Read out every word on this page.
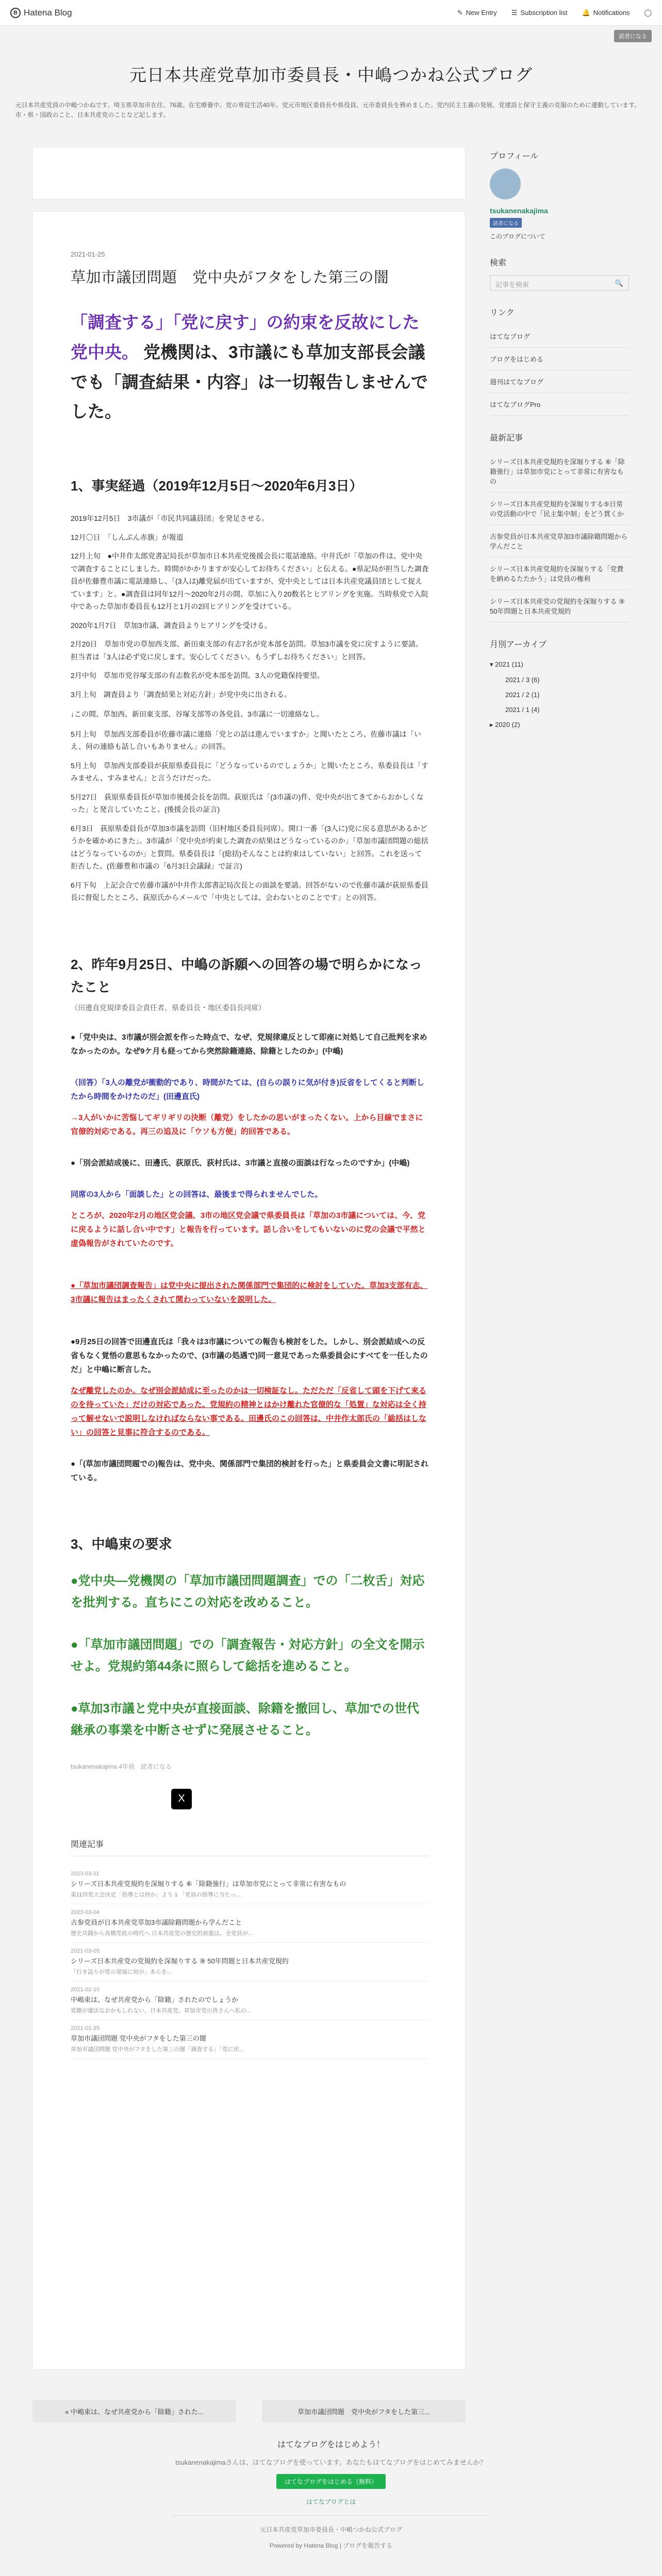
B Hatena Blog	✎ New Entry ☰ Subscription list 🔔 Notifications ◯
読者になる
元日本共産党草加市委員長・中嶋つかね公式ブログ
元日本共産党員の中嶋つかねです。埼玉県草加市在住、76歳。在宅療養中。党の専従生活40年。党元市地区委員長や県役員、元市委員長を務めました。党内民主主義の発展、党建設と保守主義の克服のために運動しています。市・県・国政のこと、日本共産党のことなど記します。
2021-01-25
草加市議団問題　党中央がフタをした第三の闇
「調査する」「党に戻す」の約束を反故にした党中央。 党機関は、3市議にも草加支部長会議でも「調査結果・内容」は一切報告しませんでした。
1、事実経過（2019年12月5日〜2020年6月3日）

2019年12月5日　3市議が「市民共同議員団」を発足させる。

12月〇日　「しんぶん赤旗」が報道

12月上旬　●中井作太郎党書記局長が草加市日本共産党後援会長に電話連絡。中井氏が「草加の件は、党中央で調査することにしました。時間がかかりますが安心してお待ちください」と伝える。●県記局が担当した調査員が佐藤豊市議に電話連絡し、「(3人は)離党届が出ていますが、党中央としては日本共産党議員団として捉えています」と。●調査員は同年12月〜2020年2月の間、草加に入り20数名とヒアリングを実施。当時県党で入院中であった草加市委員長も12月と1月の2回ヒアリングを受けている。

2020年1月7日　草加3市議、調査員よりヒアリングを受ける。

2月20日　草加市党の草加西支部、新田東支部の有志7名が党本部を訪問。草加3市議を党に戻すように要請。担当者は「3人は必ず党に戻します。安心してください。もうずしお待ちください」と回答。

2月中旬　草加市党谷塚支部の有志数名が党本部を訪問。3人の党籍保持要望。

3月上旬　調査員より「調査結果と対応方針」が党中央に出される。

↓この間、草加西、新田東支部、谷塚支部等の各党員、3市議に一切連絡なし。

5月上旬　草加西支部委員が佐藤市議に連絡「党との話は進んでいますか」と聞いたところ、佐藤市議は「いえ、何の連絡も話し合いもありません」の回答。

5月上旬　草加西支部委員が荻原県委員長に「どうなっているのでしょうか」と聞いたところ、県委員長は「すみません、すみません」と言うだけだった。

5月27日　荻原県委員長が草加市後援会長を訪問。荻原氏は「(3市議の)件、党中央が出てきてからおかしくなった」と発言していたこと。(後援会長の証言)

6月3日　荻原県委員長が草加3市議を訪問（旧村地区委員長同席）。開口一番「(3人に)党に戻る意思があるかどうかを確かめにきた」。3市議が「党中央が約束した調査の結果はどうなっているのか」「草加市議団問題の総括はどうなっているのか」と質問。県委員長は「(総括)そんなことは約束はしていない」と回答。これを送って拒否した。(佐藤豊和市議の「6月3日会議録」で証言)

6月下旬　上記会合で佐藤市議が中井作太郎書記局次長との面談を要請。回答がないので佐藤市議が荻原県委員長に督促したところ、荻原氏からメールで「中央としては、会わないとのことです」との回答。

2、昨年9月25日、中嶋の訴願への回答の場で明らかになったこと
（田邊直党規律委員会責任者、県委員長・地区委員長同席）
●「党中央は、3市議が別会派を作った時点で、なぜ、党規律違反として即座に対処して自己批判を求めなかったのか。なぜ9ケ月も経ってから突然除籍連絡、除籍としたのか」(中嶋)
（回答）「3人の離党が衝動的であり、時間がたては、(自らの誤りに気が付き)反省をしてくると判断したから時間をかけたのだ」(田邊直氏)
→3人がいかに苦悩してギリギリの決断（離党）をしたかの思いがまったくない。上から目線でまさに官僚的対応である。再三の追及に「ウソも方便」的回答である。
●「別会派結成後に、田邊氏、荻原氏、荻村氏は、3市議と直接の面談は行なったのですか」(中嶋)
同席の3人から「面談した」との回答は、最後まで得られませんでした。
ところが、2020年2月の地区党会議、3市の地区党会議で県委員長は「草加の3市議については、今、党に戻るように話し合い中です」と報告を行っています。話し合いをしてもいないのに党の会議で平然と虚偽報告がされていたのです。
●「草加市議団調査報告」は党中央に提出された関係部門で集団的に検討をしていた。草加3支部有志、3市議に報告はまったくされて関わっていないを説明した。
●9月25日の回答で田邊直氏は「我々は3市議についての報告も検討をした。しかし、別会派結成への反省もなく覚悟の意思もなかったので、(3市議の処遇で)同一意見であった県委員会にすべてを一任したのだ」と中嶋に断言した。
なぜ離党したのか。なぜ別会派結成に至ったのかは一切検証なし。ただただ「反省して頭を下げて来るのを待っていた」だけの対応であった。党規約の精神とはかけ離れた官僚的な「処置」な対応は全く持って解せないで説明しなければならない事である。田邊氏のこの回答は、中井作太郎氏の「総括はしない」の回答と見事に符合するのである。
●「(草加市議団問題での)報告は、党中央、関係部門で集団的検討を行った」と県委員会文書に明記されている。
3、中嶋束の要求
●党中央―党機関の「草加市議団問題調査」での「二枚舌」対応を批判する。直ちにこの対応を改めること。
●「草加市議団問題」での「調査報告・対応方針」の全文を開示せよ。党規約第44条に照らして総括を進めること。
●草加3市議と党中央が直接面談、除籍を撤回し、草加での世代継承の事業を中断させずに発展させること。
tsukanenakajima 4年前　読者になる
X
関連記事
2023-03-11
シリーズ日本共産党規約を深堀りする ⑥「除籍強行」は草加市党にとって非常に有害なもの
第11回党大会決定「指導とは何か」より 1 「党員の指導に当たっ...
2023-03-04
古参党員が日本共産党草加3市議除籍問題から学んだこと
歴史共闘から高橋党政の時代へ 日本共産党の歴史的前進は、全党員が...
2021-03-05
シリーズ日本共産党の党規約を深堀りする ⑨ 50年問題と日本共産党規約
「行き詰りが党の発展に何が」あらを...
2021-02-10
中嶋束は、なぜ共産党から「除籍」されたのでしょうか
党籍が違法なおかもしれない。日本共産党。草加市党の皆さんへ私の...
2021-01-25
草加市議団問題 党中央がフタをした第三の闇
草加市議団問題 党中央がフタをした第三の闇「調査する」「党に戻...
プロフィール
tsukanenakajima
読者になる
このブログについて
検索
記事を検索	🔍
リンク
はてなブログ
ブログをはじめる
週刊はてなブログ
はてなブログPro
最新記事
シリーズ日本共産党規約を深堀りする ⑥「除籍強行」は草加市党にとって非常に有害なもの
シリーズ日本共産党規約を深堀りする⑤日常の党活動の中で「民主集中制」をどう貫くか
古参党員が日本共産党草加3市議除籍問題から学んだこと
シリーズ日本共産党規約を深堀りする「党費を納めるたたかう」は党員の権利
シリーズ日本共産党の党規約を深堀りする ⑨ 50年問題と日本共産党規約
月別アーカイブ
▾ 2021 (11)
2021 / 3 (6)
2021 / 2 (1)
2021 / 1 (4)
▸ 2020 (2)
« 中嶋束は、なぜ共産党から「除籍」された...	草加市議団問題　党中央がフタをした第三...
はてなブログをはじめよう！
tsukanenakajimaさんは、はてなブログを使っています。あなたもはてなブログをはじめてみませんか？
はてなブログをはじめる（無料）
はてなブログとは
元日本共産党草加市委員長・中嶋つかね公式ブログ
Powered by Hatena Blog | ブログを報告する
